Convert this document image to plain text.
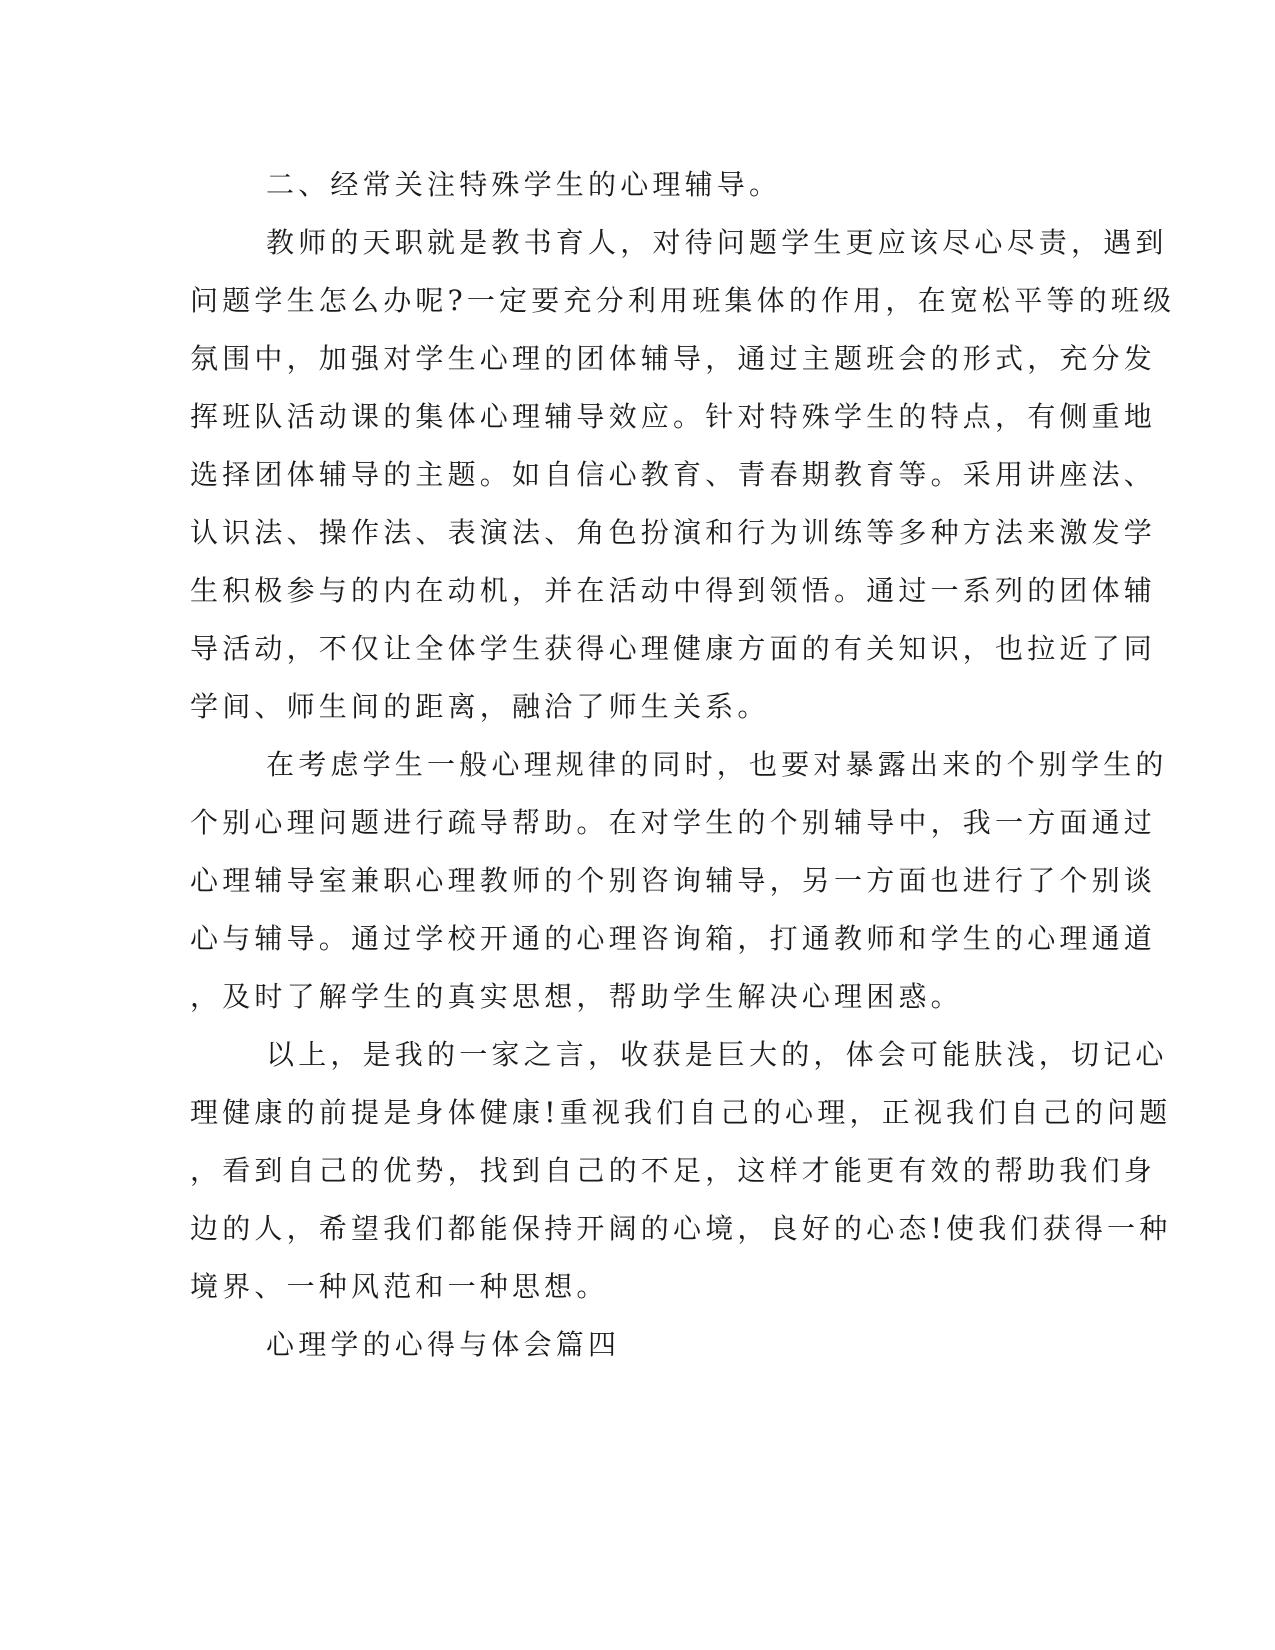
二、经常关注特殊学生的心理辅导。
教师的天职就是教书育人，对待问题学生更应该尽心尽责，遇到
问题学生怎么办呢?一定要充分利用班集体的作用，在宽松平等的班级
氛围中，加强对学生心理的团体辅导，通过主题班会的形式，充分发
挥班队活动课的集体心理辅导效应。针对特殊学生的特点，有侧重地
选择团体辅导的主题。如自信心教育、青春期教育等。采用讲座法、
认识法、操作法、表演法、角色扮演和行为训练等多种方法来激发学
生积极参与的内在动机，并在活动中得到领悟。通过一系列的团体辅
导活动，不仅让全体学生获得心理健康方面的有关知识，也拉近了同
学间、师生间的距离，融洽了师生关系。
在考虑学生一般心理规律的同时，也要对暴露出来的个别学生的
个别心理问题进行疏导帮助。在对学生的个别辅导中，我一方面通过
心理辅导室兼职心理教师的个别咨询辅导，另一方面也进行了个别谈
心与辅导。通过学校开通的心理咨询箱，打通教师和学生的心理通道
，及时了解学生的真实思想，帮助学生解决心理困惑。
以上，是我的一家之言，收获是巨大的，体会可能肤浅，切记心
理健康的前提是身体健康!重视我们自己的心理，正视我们自己的问题
，看到自己的优势，找到自己的不足，这样才能更有效的帮助我们身
边的人，希望我们都能保持开阔的心境，良好的心态!使我们获得一种
境界、一种风范和一种思想。
心理学的心得与体会篇四
